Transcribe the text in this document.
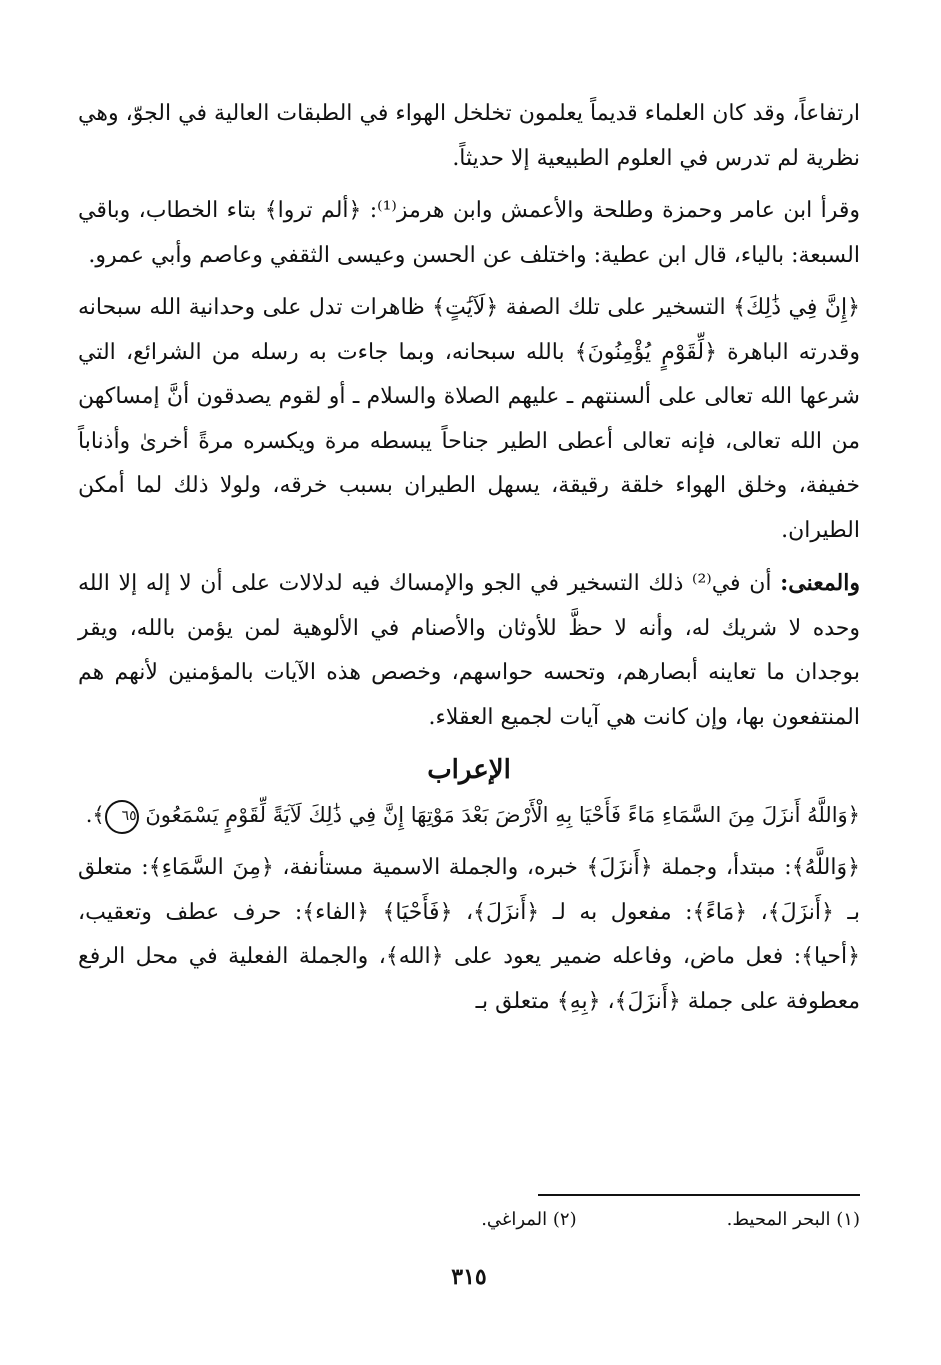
ارتفاعاً، وقد كان العلماء قديماً يعلمون تخلخل الهواء في الطبقات العالية في الجوّ، وهي نظرية لم تدرس في العلوم الطبيعية إلا حديثاً.

وقرأ ابن عامر وحمزة وطلحة والأعمش وابن هرمز⁽¹⁾: ﴿ألم تروا﴾ بتاء الخطاب، وباقي السبعة: بالياء، قال ابن عطية: واختلف عن الحسن وعيسى الثقفي وعاصم وأبي عمرو.

﴿إِنَّ فِي ذَٰلِكَ﴾ التسخير على تلك الصفة ﴿لَآيَٰتٍ﴾ ظاهرات تدل على وحدانية الله سبحانه وقدرته الباهرة ﴿لِّقَوْمٍ يُؤْمِنُونَ﴾ بالله سبحانه، وبما جاءت به رسله من الشرائع، التي شرعها الله تعالى على ألسنتهم ـ عليهم الصلاة والسلام ـ أو لقوم يصدقون أنَّ إمساكهن من الله تعالى، فإنه تعالى أعطى الطير جناحاً يبسطه مرة ويكسره مرةً أخرىٰ وأذناباً خفيفة، وخلق الهواء خلقة رقيقة، يسهل الطيران بسبب خرقه، ولولا ذلك لما أمكن الطيران.

والمعنى: أن في⁽²⁾ ذلك التسخير في الجو والإمساك فيه لدلالات على أن لا إله إلا الله وحده لا شريك له، وأنه لا حظَّ للأوثان والأصنام في الألوهية لمن يؤمن بالله، ويقر بوجدان ما تعاينه أبصارهم، وتحسه حواسهم، وخصص هذه الآيات بالمؤمنين لأنهم هم المنتفعون بها، وإن كانت هي آيات لجميع العقلاء.

الإعراب

﴿وَاللَّهُ أَنزَلَ مِنَ السَّمَاءِ مَاءً فَأَحْيَا بِهِ الْأَرْضَ بَعْدَ مَوْتِهَا إِنَّ فِي ذَٰلِكَ لَآيَةً لِّقَوْمٍ يَسْمَعُونَ ٦٥﴾.

﴿وَاللَّهُ﴾: مبتدأ، وجملة ﴿أَنزَلَ﴾ خبره، والجملة الاسمية مستأنفة، ﴿مِنَ السَّمَاءِ﴾: متعلق بـ ﴿أَنزَلَ﴾، ﴿مَاءً﴾: مفعول به لـ ﴿أَنزَلَ﴾، ﴿فَأَحْيَا﴾ ﴿الفاء﴾: حرف عطف وتعقيب، ﴿أحيا﴾: فعل ماض، وفاعله ضمير يعود على ﴿الله﴾، والجملة الفعلية في محل الرفع معطوفة على جملة ﴿أَنزَلَ﴾، ﴿بِهِ﴾ متعلق بـ

(١) البحر المحيط.
(٢) المراغي.
٣١٥
